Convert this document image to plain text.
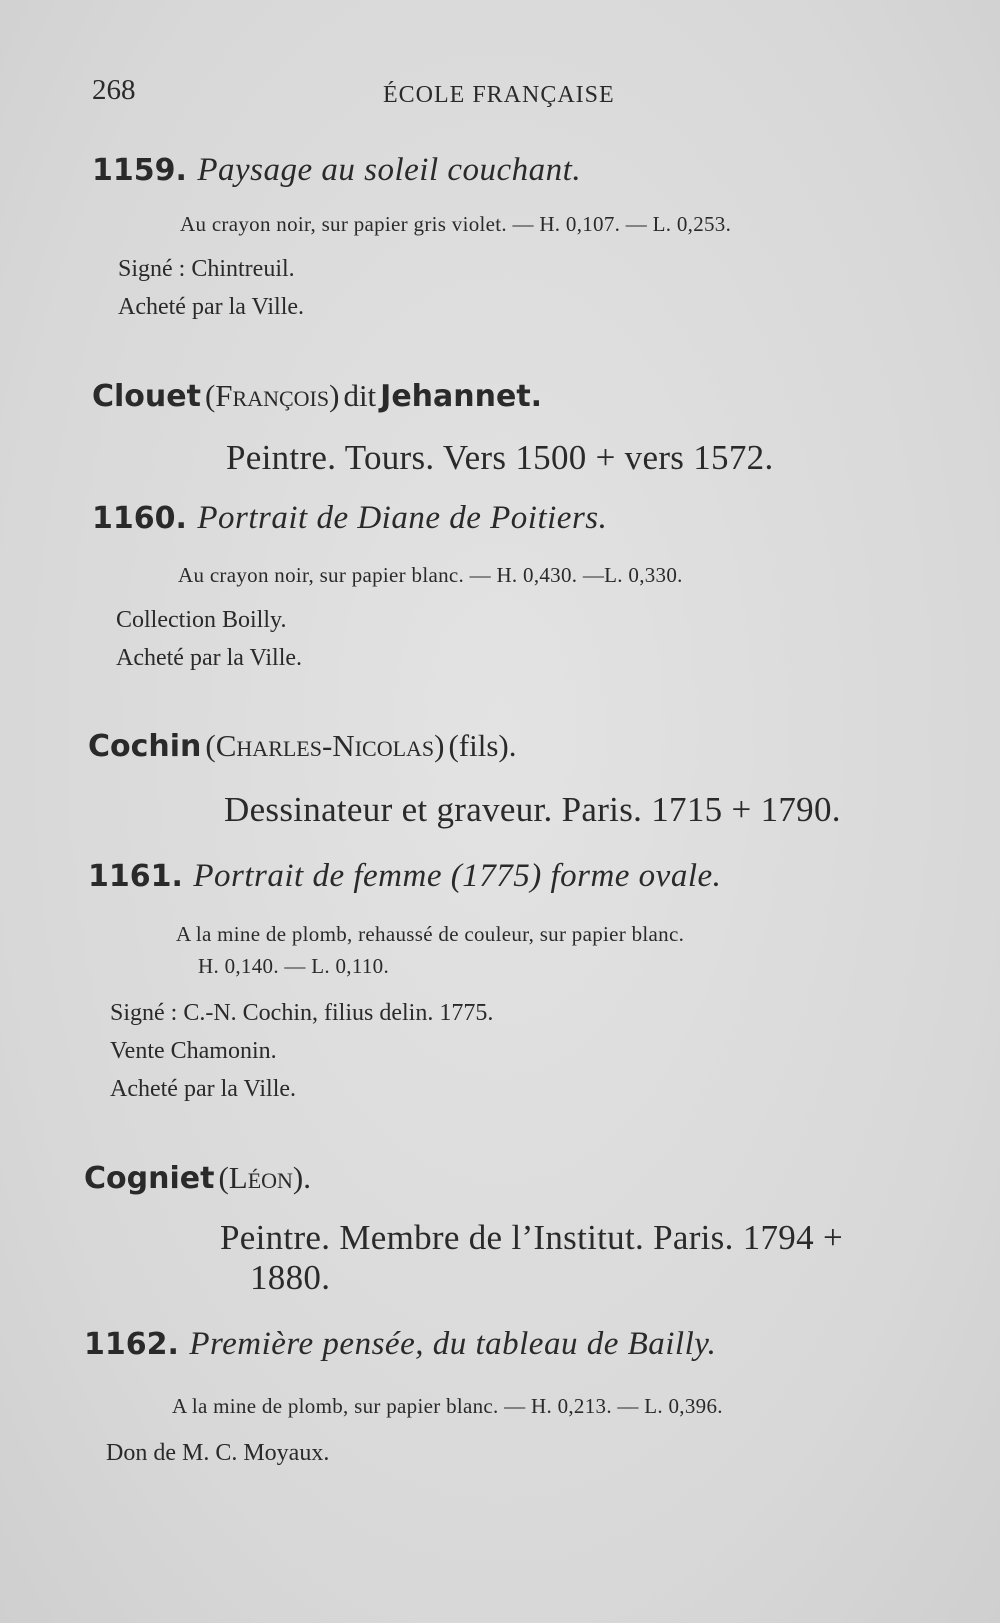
268	ÉCOLE FRANÇAISE
1159. Paysage au soleil couchant.
Au crayon noir, sur papier gris violet. — H. 0,107. — L. 0,253.
Signé : Chintreuil.
Acheté par la Ville.
Clouet (François) dit Jehannet.
Peintre. Tours. Vers 1500 + vers 1572.
1160. Portrait de Diane de Poitiers.
Au crayon noir, sur papier blanc. — H. 0,430. —L. 0,330.
Collection Boilly.
Acheté par la Ville.
Cochin (Charles-Nicolas) (fils).
Dessinateur et graveur. Paris. 1715 + 1790.
1161. Portrait de femme (1775) forme ovale.
A la mine de plomb, rehaussé de couleur, sur papier blanc.
H. 0,140. — L. 0,110.
Signé : C.-N. Cochin, filius delin. 1775.
Vente Chamonin.
Acheté par la Ville.
Cogniet (Léon).
Peintre. Membre de l’Institut. Paris. 1794 +
1880.
1162. Première pensée, du tableau de Bailly.
A la mine de plomb, sur papier blanc. — H. 0,213. — L. 0,396.
Don de M. C. Moyaux.
